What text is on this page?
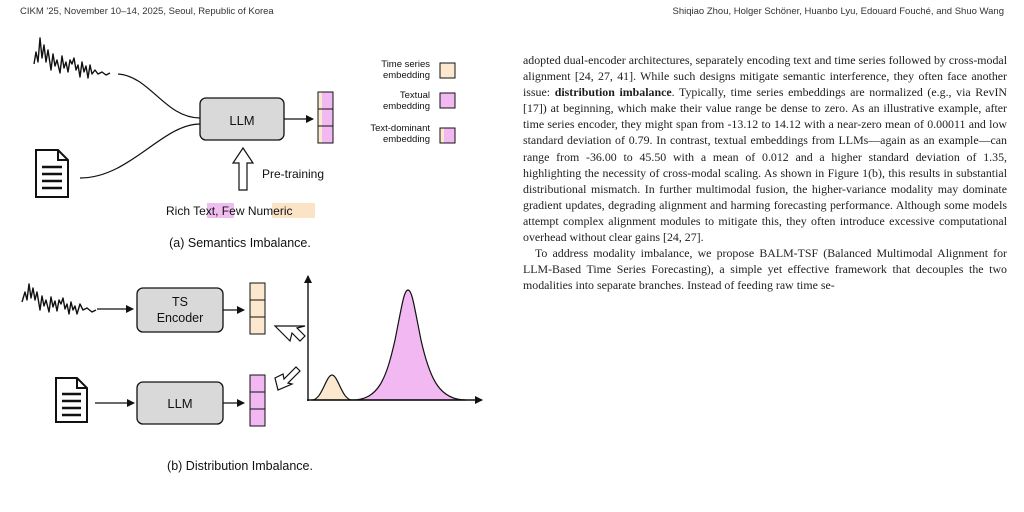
CIKM '25, November 10–14, 2025, Seoul, Republic of Korea	Shiqiao Zhou, Holger Schöner, Huanbo Lyu, Edouard Fouché, and Shuo Wang
LLM
Pre-training
Rich Text, Few Numeric
(a) Semantics Imbalance.
Time series
embedding
Textual
embedding
Text-dominant
embedding
TS
Encoder
LLM
(b) Distribution Imbalance.

adopted dual-encoder architectures, separately encoding text and time series followed by cross-modal alignment [24, 27, 41]. While such designs mitigate semantic interference, they often face another issue: distribution imbalance. Typically, time series embeddings are normalized (e.g., via RevIN [17]) at beginning, which make their value range be dense to zero. As an illustrative example, after time series encoder, they might span from -13.12 to 14.12 with a near-zero mean of 0.00011 and low standard deviation of 0.79. In contrast, textual embeddings from LLMs—again as an example—can range from -36.00 to 45.50 with a mean of 0.012 and a higher standard deviation of 1.35, highlighting the necessity of cross-modal scaling. As shown in Figure 1(b), this results in substantial distributional mismatch. In further multimodal fusion, the higher-variance modality may dominate gradient updates, degrading alignment and harming forecasting performance. Although some models attempt complex alignment modules to mitigate this, they often introduce excessive computational overhead without clear gains [24, 27].

To address modality imbalance, we propose BALM-TSF (Balanced Multimodal Alignment for LLM-Based Time Series Forecasting), a simple yet effective framework that decouples the two modalities into separate branches. Instead of feeding raw time se-
